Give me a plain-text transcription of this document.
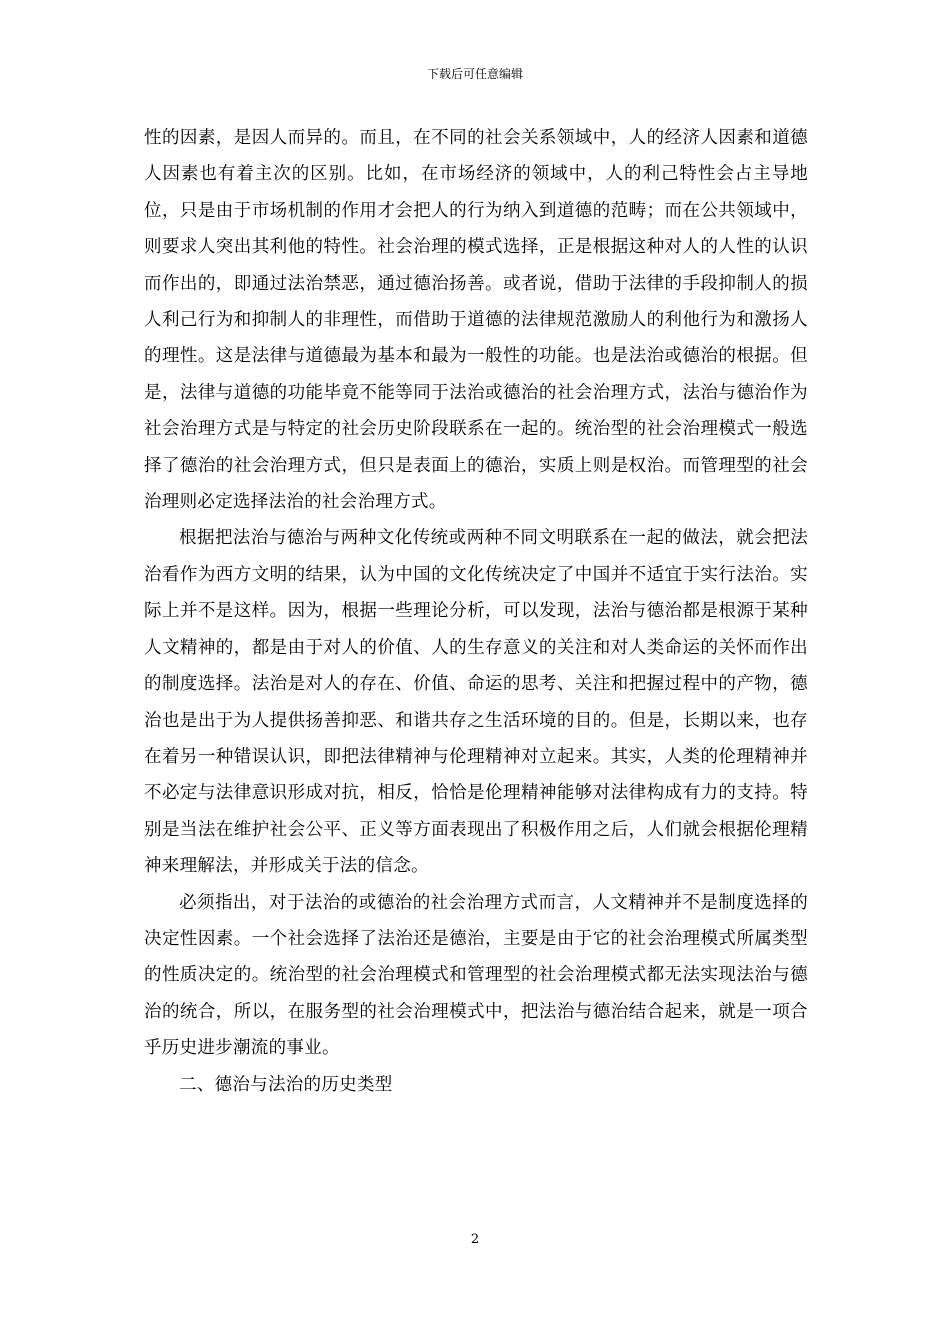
下载后可任意编辑

性的因素，是因人而异的。而且，在不同的社会关系领域中，人的经济人因素和道德人因素也有着主次的区别。比如，在市场经济的领域中，人的利己特性会占主导地位，只是由于市场机制的作用才会把人的行为纳入到道德的范畴；而在公共领域中，则要求人突出其利他的特性。社会治理的模式选择，正是根据这种对人的人性的认识而作出的，即通过法治禁恶，通过德治扬善。或者说，借助于法律的手段抑制人的损人利己行为和抑制人的非理性，而借助于道德的法律规范激励人的利他行为和激扬人的理性。这是法律与道德最为基本和最为一般性的功能。也是法治或德治的根据。但是，法律与道德的功能毕竟不能等同于法治或德治的社会治理方式，法治与德治作为社会治理方式是与特定的社会历史阶段联系在一起的。统治型的社会治理模式一般选择了德治的社会治理方式，但只是表面上的德治，实质上则是权治。而管理型的社会治理则必定选择法治的社会治理方式。

根据把法治与德治与两种文化传统或两种不同文明联系在一起的做法，就会把法治看作为西方文明的结果，认为中国的文化传统决定了中国并不适宜于实行法治。实际上并不是这样。因为，根据一些理论分析，可以发现，法治与德治都是根源于某种人文精神的，都是由于对人的价值、人的生存意义的关注和对人类命运的关怀而作出的制度选择。法治是对人的存在、价值、命运的思考、关注和把握过程中的产物，德治也是出于为人提供扬善抑恶、和谐共存之生活环境的目的。但是，长期以来，也存在着另一种错误认识，即把法律精神与伦理精神对立起来。其实，人类的伦理精神并不必定与法律意识形成对抗，相反，恰恰是伦理精神能够对法律构成有力的支持。特别是当法在维护社会公平、正义等方面表现出了积极作用之后，人们就会根据伦理精神来理解法，并形成关于法的信念。

必须指出，对于法治的或德治的社会治理方式而言，人文精神并不是制度选择的决定性因素。一个社会选择了法治还是德治，主要是由于它的社会治理模式所属类型的性质决定的。统治型的社会治理模式和管理型的社会治理模式都无法实现法治与德治的统合，所以，在服务型的社会治理模式中，把法治与德治结合起来，就是一项合乎历史进步潮流的事业。

二、德治与法治的历史类型

2
